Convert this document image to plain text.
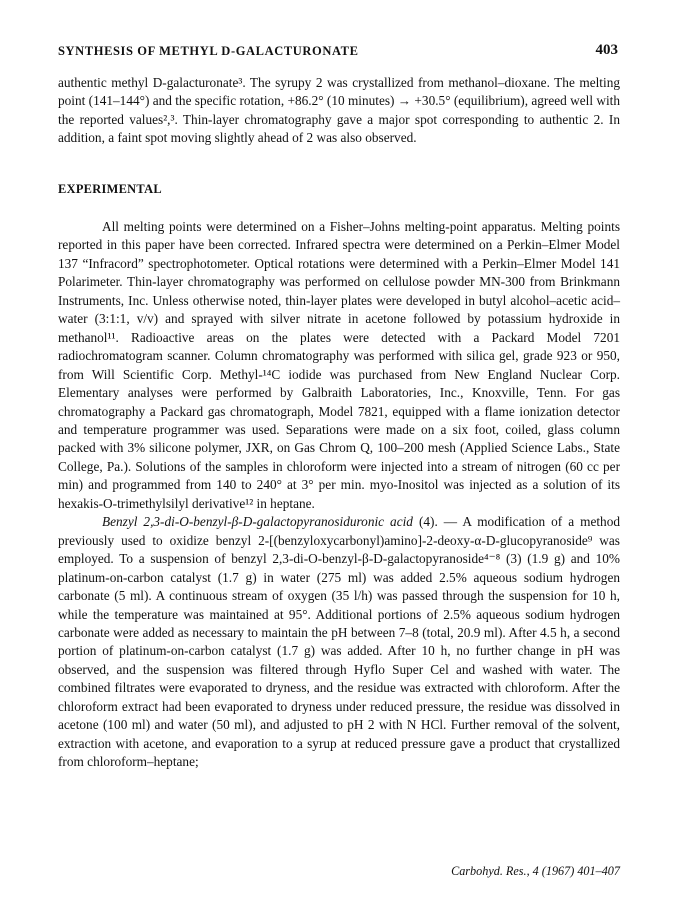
SYNTHESIS OF METHYL D-GALACTURONATE	403
authentic methyl D-galacturonate³. The syrupy 2 was crystallized from methanol–dioxane. The melting point (141–144°) and the specific rotation, +86.2° (10 minutes) → +30.5° (equilibrium), agreed well with the reported values²,³. Thin-layer chromatography gave a major spot corresponding to authentic 2. In addition, a faint spot moving slightly ahead of 2 was also observed.
EXPERIMENTAL

All melting points were determined on a Fisher–Johns melting-point apparatus. Melting points reported in this paper have been corrected. Infrared spectra were determined on a Perkin–Elmer Model 137 “Infracord” spectrophotometer. Optical rotations were determined with a Perkin–Elmer Model 141 Polarimeter. Thin-layer chromatography was performed on cellulose powder MN-300 from Brinkmann Instruments, Inc. Unless otherwise noted, thin-layer plates were developed in butyl alcohol–acetic acid–water (3:1:1, v/v) and sprayed with silver nitrate in acetone followed by potassium hydroxide in methanol¹¹. Radioactive areas on the plates were detected with a Packard Model 7201 radiochromatogram scanner. Column chromatography was performed with silica gel, grade 923 or 950, from Will Scientific Corp. Methyl-¹⁴C iodide was purchased from New England Nuclear Corp. Elementary analyses were performed by Galbraith Laboratories, Inc., Knoxville, Tenn. For gas chromatography a Packard gas chromatograph, Model 7821, equipped with a flame ionization detector and temperature programmer was used. Separations were made on a six foot, coiled, glass column packed with 3% silicone polymer, JXR, on Gas Chrom Q, 100–200 mesh (Applied Science Labs., State College, Pa.). Solutions of the samples in chloroform were injected into a stream of nitrogen (60 cc per min) and programmed from 140 to 240° at 3° per min. myo-Inositol was injected as a solution of its hexakis-O-trimethylsilyl derivative¹² in heptane.

Benzyl 2,3-di-O-benzyl-β-D-galactopyranosiduronic acid (4). — A modification of a method previously used to oxidize benzyl 2-[(benzyloxycarbonyl)amino]-2-deoxy-α-D-glucopyranoside⁹ was employed. To a suspension of benzyl 2,3-di-O-benzyl-β-D-galactopyranoside⁴⁻⁸ (3) (1.9 g) and 10% platinum-on-carbon catalyst (1.7 g) in water (275 ml) was added 2.5% aqueous sodium hydrogen carbonate (5 ml). A continuous stream of oxygen (35 l/h) was passed through the suspension for 10 h, while the temperature was maintained at 95°. Additional portions of 2.5% aqueous sodium hydrogen carbonate were added as necessary to maintain the pH between 7–8 (total, 20.9 ml). After 4.5 h, a second portion of platinum-on-carbon catalyst (1.7 g) was added. After 10 h, no further change in pH was observed, and the suspension was filtered through Hyflo Super Cel and washed with water. The combined filtrates were evaporated to dryness, and the residue was extracted with chloroform. After the chloroform extract had been evaporated to dryness under reduced pressure, the residue was dissolved in acetone (100 ml) and water (50 ml), and adjusted to pH 2 with N HCl. Further removal of the solvent, extraction with acetone, and evaporation to a syrup at reduced pressure gave a product that crystallized from chloroform–heptane;

Carbohyd. Res., 4 (1967) 401–407
